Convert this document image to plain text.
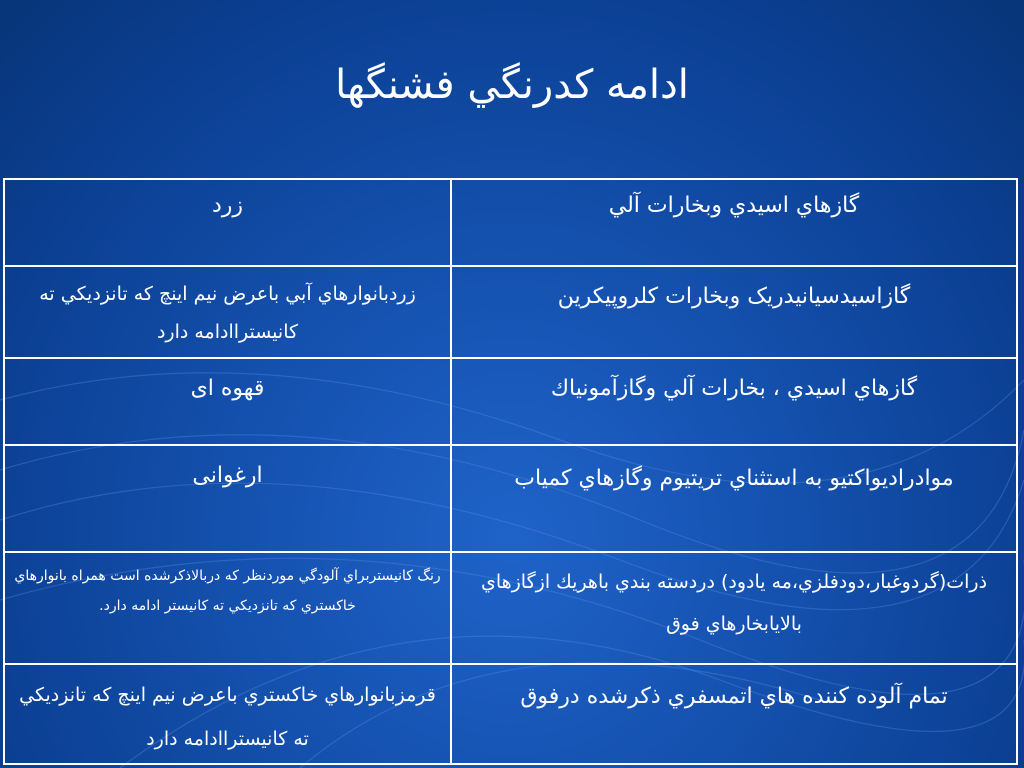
ادامه كدرنگي فشنگها
گازهاي اسيدي وبخارات آلي	زرد
گازاسیدسیانیدریک وبخارات کلروپیکرین	زردبانوارهاي آبي باعرض نيم اينچ كه تانزديكي ته كانيستراادامه دارد
گازهاي اسيدي ، بخارات آلي وگازآمونياك	قهوه ای
موادراديواكتيو به استثناي تريتيوم وگازهاي كمياب	ارغوانی
ذرات(گردوغبار،دودفلزي،مه يادود) دردسته بندي باهريك ازگازهاي بالايابخارهاي فوق	رنگ كانيستربراي آلودگي موردنظر كه دربالاذكرشده است همراه بانوارهاي خاكستري كه تانزديكي ته كانيستر ادامه دارد.
تمام آلوده كننده هاي اتمسفري ذكرشده درفوق	قرمزبانوارهاي خاكستري باعرض نيم اينچ كه تانزديكي ته كانيستراادامه دارد
